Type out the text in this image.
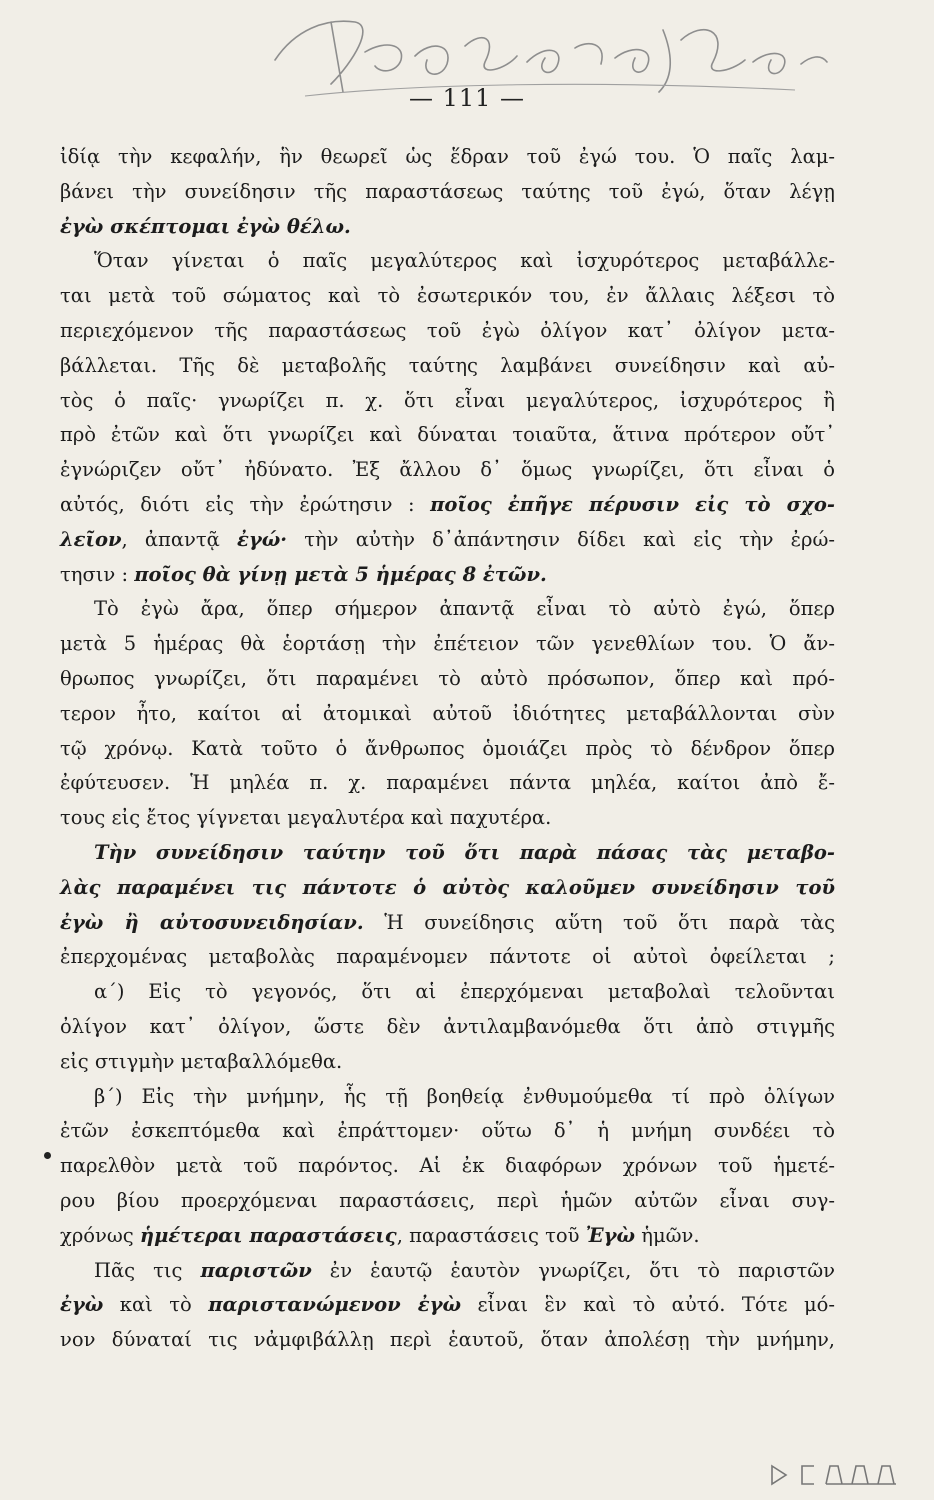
— 111 —
ἰδίᾳ τὴν κεφαλήν, ἣν θεωρεῖ ὡς ἕδραν τοῦ ἐγώ του. Ὁ παῖς λαμ-
βάνει τὴν συνείδησιν τῆς παραστάσεως ταύτης τοῦ ἐγώ, ὅταν λέγῃ
ἐγὼ σκέπτομαι ἐγὼ θέλω.
Ὅταν γίνεται ὁ παῖς μεγαλύτερος καὶ ἰσχυρότερος μεταβάλλε-
ται μετὰ τοῦ σώματος καὶ τὸ ἐσωτερικόν του, ἐν ἄλλαις λέξεσι τὸ
περιεχόμενον τῆς παραστάσεως τοῦ ἐγὼ ὀλίγον κατ᾽ ὀλίγον μετα-
βάλλεται. Τῆς δὲ μεταβολῆς ταύτης λαμβάνει συνείδησιν καὶ αὐ-
τὸς ὁ παῖς· γνωρίζει π. χ. ὅτι εἶναι μεγαλύτερος, ἰσχυρότερος ἢ
πρὸ ἐτῶν καὶ ὅτι γνωρίζει καὶ δύναται τοιαῦτα, ἅτινα πρότερον οὔτ᾽
ἐγνώριζεν οὔτ᾽ ἠδύνατο. Ἐξ ἄλλου δ᾽ ὅμως γνωρίζει, ὅτι εἶναι ὁ
αὐτός, διότι εἰς τὴν ἐρώτησιν : ποῖος ἐπῆγε πέρυσιν εἰς τὸ σχο-
λεῖον, ἀπαντᾷ ἐγώ· τὴν αὐτὴν δ᾽ἀπάντησιν δίδει καὶ εἰς τὴν ἐρώ-
τησιν : ποῖος θὰ γίνῃ μετὰ 5 ἡμέρας 8 ἐτῶν.
Τὸ ἐγὼ ἄρα, ὅπερ σήμερον ἀπαντᾷ εἶναι τὸ αὐτὸ ἐγώ, ὅπερ
μετὰ 5 ἡμέρας θὰ ἑορτάσῃ τὴν ἐπέτειον τῶν γενεθλίων του. Ὁ ἄν-
θρωπος γνωρίζει, ὅτι παραμένει τὸ αὐτὸ πρόσωπον, ὅπερ καὶ πρό-
τερον ἦτο, καίτοι αἱ ἀτομικαὶ αὐτοῦ ἰδιότητες μεταβάλλονται σὺν
τῷ χρόνῳ. Κατὰ τοῦτο ὁ ἄνθρωπος ὁμοιάζει πρὸς τὸ δένδρον ὅπερ
ἐφύτευσεν. Ἡ μηλέα π. χ. παραμένει πάντα μηλέα, καίτοι ἀπὸ ἔ-
τους εἰς ἔτος γίγνεται μεγαλυτέρα καὶ παχυτέρα.
Τὴν συνείδησιν ταύτην τοῦ ὅτι παρὰ πάσας τὰς μεταβο-
λὰς παραμένει τις πάντοτε ὁ αὐτὸς καλοῦμεν συνείδησιν τοῦ
ἐγὼ ἢ αὐτοσυνειδησίαν. Ἡ συνείδησις αὕτη τοῦ ὅτι παρὰ τὰς
ἐπερχομένας μεταβολὰς παραμένομεν πάντοτε οἱ αὐτοὶ ὀφείλεται ;
α΄) Εἰς τὸ γεγονός, ὅτι αἱ ἐπερχόμεναι μεταβολαὶ τελοῦνται
ὀλίγον κατ᾽ ὀλίγον, ὥστε δὲν ἀντιλαμβανόμεθα ὅτι ἀπὸ στιγμῆς
εἰς στιγμὴν μεταβαλλόμεθα.
β΄) Εἰς τὴν μνήμην, ἧς τῇ βοηθείᾳ ἐνθυμούμεθα τί πρὸ ὀλίγων
ἐτῶν ἐσκεπτόμεθα καὶ ἐπράττομεν· οὕτω δ᾽ ἡ μνήμη συνδέει τὸ
παρελθὸν μετὰ τοῦ παρόντος. Αἱ ἐκ διαφόρων χρόνων τοῦ ἡμετέ-
ρου βίου προερχόμεναι παραστάσεις, περὶ ἡμῶν αὐτῶν εἶναι συγ-
χρόνως ἡμέτεραι παραστάσεις, παραστάσεις τοῦ Ἐγὼ ἡμῶν.
Πᾶς τις παριστῶν ἐν ἑαυτῷ ἑαυτὸν γνωρίζει, ὅτι τὸ παριστῶν
ἐγὼ καὶ τὸ παριστανώμενον ἐγὼ εἶναι ἓν καὶ τὸ αὐτό. Τότε μό-
νον δύναταί τις νἀμφιβάλλῃ περὶ ἑαυτοῦ, ὅταν ἀπολέσῃ τὴν μνήμην,
